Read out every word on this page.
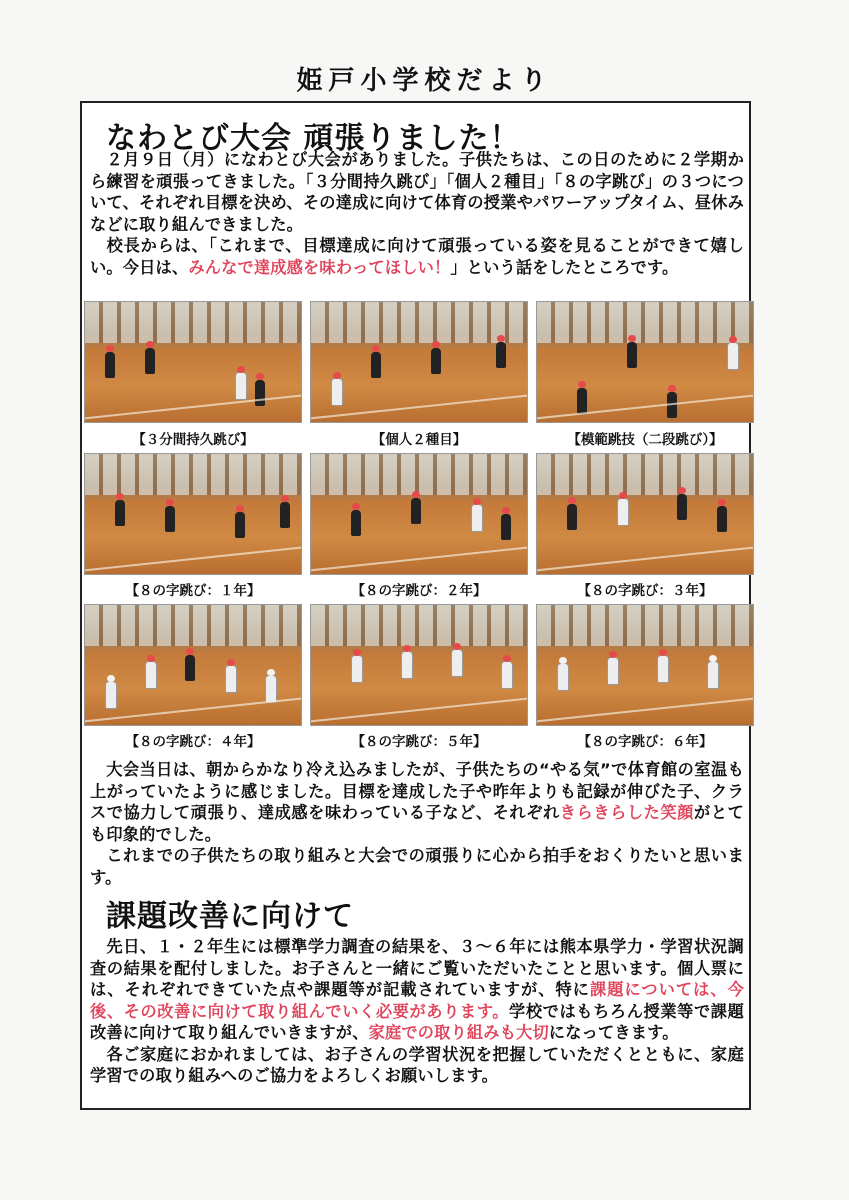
姫戸小学校だより
なわとび大会 頑張りました！
２月９日（月）になわとび大会がありました。子供たちは、この日のために２学期から練習を頑張ってきました。「３分間持久跳び」「個人２種目」「８の字跳び」の３つについて、それぞれ目標を決め、その達成に向けて体育の授業やパワーアップタイム、昼休みなどに取り組んできました。
校長からは、「これまで、目標達成に向けて頑張っている姿を見ることができて嬉しい。今日は、みんなで達成感を味わってほしい！」という話をしたところです。
【３分間持久跳び】	【個人２種目】	【模範跳技（二段跳び）】
【８の字跳び：１年】	【８の字跳び：２年】	【８の字跳び：３年】
【８の字跳び：４年】	【８の字跳び：５年】	【８の字跳び：６年】
大会当日は、朝からかなり冷え込みましたが、子供たちの“やる気”で体育館の室温も上がっていたように感じました。目標を達成した子や昨年よりも記録が伸びた子、クラスで協力して頑張り、達成感を味わっている子など、それぞれきらきらした笑顔がとても印象的でした。
これまでの子供たちの取り組みと大会での頑張りに心から拍手をおくりたいと思います。
課題改善に向けて
先日、１・２年生には標準学力調査の結果を、３～６年には熊本県学力・学習状況調査の結果を配付しました。お子さんと一緒にご覧いただいたことと思います。個人票には、それぞれできていた点や課題等が記載されていますが、特に課題については、今後、その改善に向けて取り組んでいく必要があります。学校ではもちろん授業等で課題改善に向けて取り組んでいきますが、家庭での取り組みも大切になってきます。
各ご家庭におかれましては、お子さんの学習状況を把握していただくとともに、家庭学習での取り組みへのご協力をよろしくお願いします。
